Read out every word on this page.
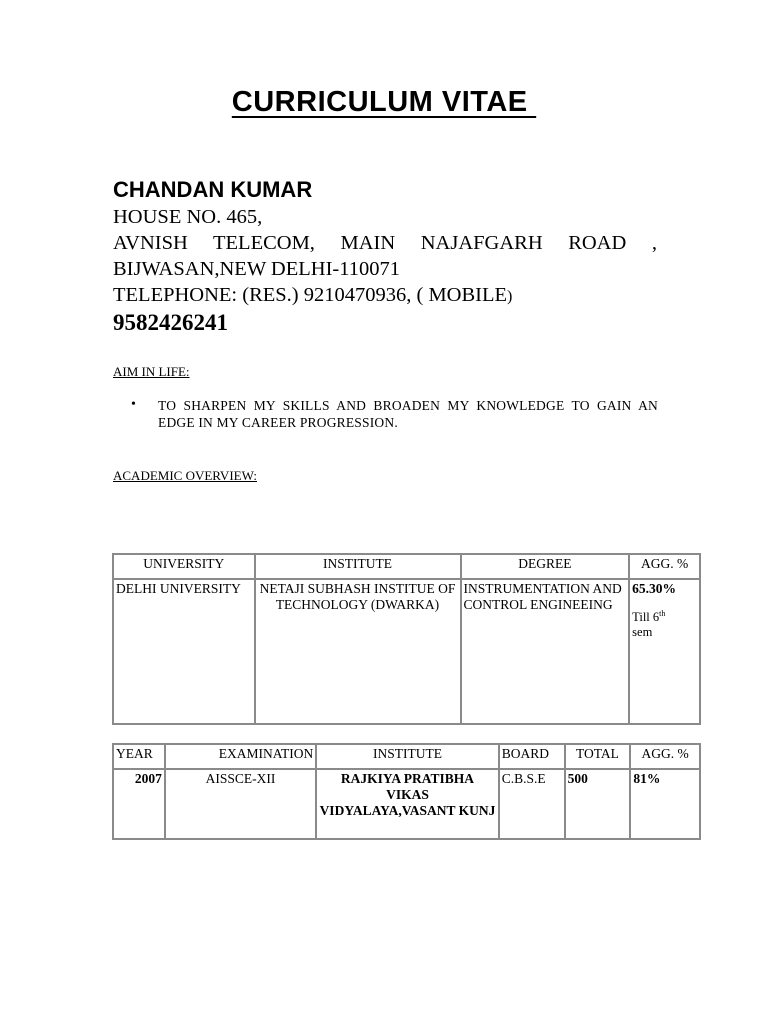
CURRICULUM VITAE
CHANDAN KUMAR
HOUSE NO. 465,
AVNISH TELECOM, MAIN NAJAFGARH ROAD ,
BIJWASAN,NEW DELHI-110071
TELEPHONE: (RES.) 9210470936, ( MOBILE)
9582426241
AIM IN LIFE:
• TO SHARPEN MY SKILLS AND BROADEN MY KNOWLEDGE TO GAIN AN EDGE IN MY CAREER PROGRESSION.
ACADEMIC OVERVIEW:
UNIVERSITY	INSTITUTE	DEGREE	AGG. %
DELHI UNIVERSITY	NETAJI SUBHASH INSTITUE OF TECHNOLOGY (DWARKA)	INSTRUMENTATION AND CONTROL ENGINEEING	65.30%
Till 6th
sem
YEAR	EXAMINATION	INSTITUTE	BOARD	TOTAL	AGG. %
2007	AISSCE-XII	RAJKIYA PRATIBHA VIKAS VIDYALAYA,VASANT KUNJ	C.B.S.E	500	81%
